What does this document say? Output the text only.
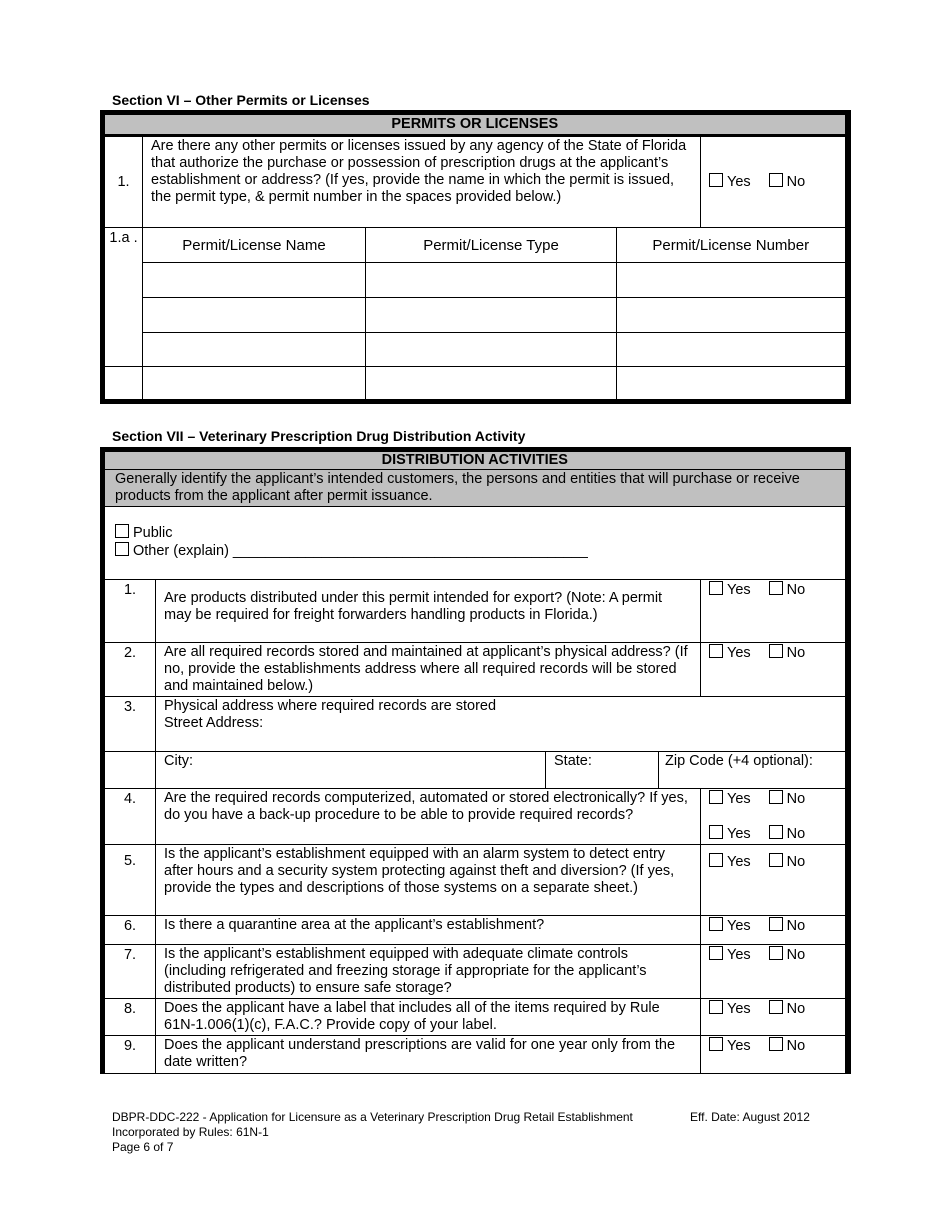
Section VI – Other Permits or Licenses
PERMITS OR LICENSES				
1.	Are there any other permits or licenses issued by any agency of the State of Florida that authorize the purchase or possession of prescription drugs at the applicant’s establishment or address? (If yes, provide the name in which the permit is issued, the permit type, & permit number in the spaces provided below.)			Yes No
1.a .	Permit/License Name	Permit/License Type	Permit/License Number	

Section VII – Veterinary Prescription Drug Distribution Activity
DISTRIBUTION ACTIVITIES				
Generally identify the applicant’s intended customers, the persons and entities that will purchase or receive products from the applicant after permit issuance.				

Public
Other (explain) ____________________________________________				

1.	Are products distributed under this permit intended for export? (Note: A permit may be required for freight forwarders handling products in Florida.)			Yes No
2.	Are all required records stored and maintained at applicant’s physical address? (If no, provide the establishments address where all required records will be stored and maintained below.)			Yes No
3.	Physical address where required records are stored
Street Address:			

	City:	State:	Zip Code (+4 optional):	
4.	Are the required records computerized, automated or stored electronically? If yes, do you have a back-up procedure to be able to provide required records?			Yes No
Yes No

5.	Is the applicant’s establishment equipped with an alarm system to detect entry after hours and a security system protecting against theft and diversion? (If yes, provide the types and descriptions of those systems on a separate sheet.)			Yes No
6.	Is there a quarantine area at the applicant’s establishment?			Yes No
7.	Is the applicant’s establishment equipped with adequate climate controls (including refrigerated and freezing storage if appropriate for the applicant’s distributed products) to ensure safe storage?			Yes No
8.	Does the applicant have a label that includes all of the items required by Rule 61N-1.006(1)(c), F.A.C.? Provide copy of your label.			Yes No
9.	Does the applicant understand prescriptions are valid for one year only from the date written?			Yes No
DBPR-DDC-222 - Application for Licensure as a Veterinary Prescription Drug Retail Establishment
Incorporated by Rules: 61N-1
Page 6 of 7
Eff. Date: August 2012
